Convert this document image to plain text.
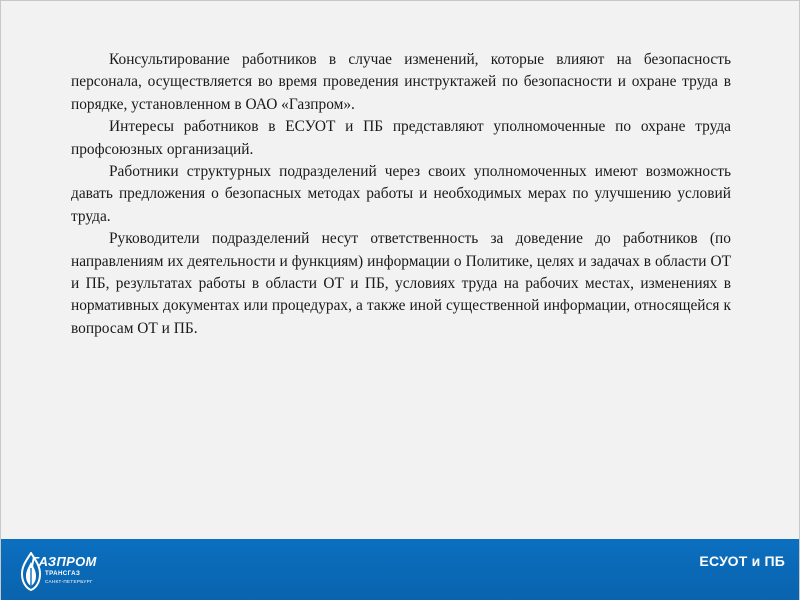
Консультирование работников в случае изменений, которые влияют на безопасность персонала, осуществляется во время проведения инструктажей по безопасности и охране труда в порядке, установленном в ОАО «Газпром».

Интересы работников в ЕСУОТ и ПБ представляют уполномоченные по охране труда профсоюзных организаций.

Работники структурных подразделений через своих уполномоченных имеют возможность давать предложения о безопасных методах работы и необходимых мерах по улучшению условий труда.

Руководители подразделений несут ответственность за доведение до работников (по направлениям их деятельности и функциям) информации о Политике, целях и задачах в области ОТ и ПБ, результатах работы в области ОТ и ПБ, условиях труда на рабочих местах, изменениях в нормативных документах или процедурах, а также иной существенной информации, относящейся к вопросам ОТ и ПБ.

ГАЗПРОМ
ТРАНСГАЗ
САНКТ-ПЕТЕРБУРГ
ЕСУОТ и ПБ
